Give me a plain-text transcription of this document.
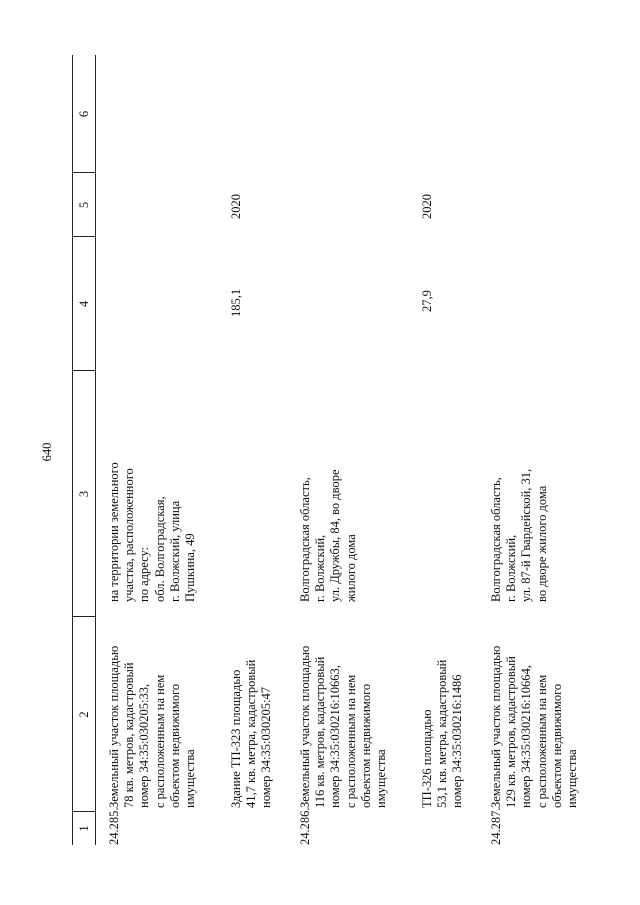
640
1
2
3
4
5
6
24.285.
Земельный участок площадью
78 кв. метров, кадастровый
номер 34:35:030205:33,
с расположенным на нем
объектом недвижимого
имущества
на территории земельного
участка, расположенного
по адресу:
обл. Волгоградская,
г. Волжский, улица
Пушкина, 49
Здание ТП-323 площадью
41,7 кв. метра, кадастровый
номер 34:35:030205:47
185,1
2020
24.286.
Земельный участок площадью
116 кв. метров, кадастровый
номер 34:35:030216:10663,
с расположенным на нем
объектом недвижимого
имущества
Волгоградская область,
г. Волжский,
ул. Дружбы, 84, во дворе
жилого дома
ТП-326 площадью
53,1 кв. метра, кадастровый
номер 34:35:030216:1486
27,9
2020
24.287.
Земельный участок площадью
129 кв. метров, кадастровый
номер 34:35:030216:10664,
с расположенным на нем
объектом недвижимого
имущества
Волгоградская область,
г. Волжский,
ул. 87-й Гвардейской, 31,
во дворе жилого дома
